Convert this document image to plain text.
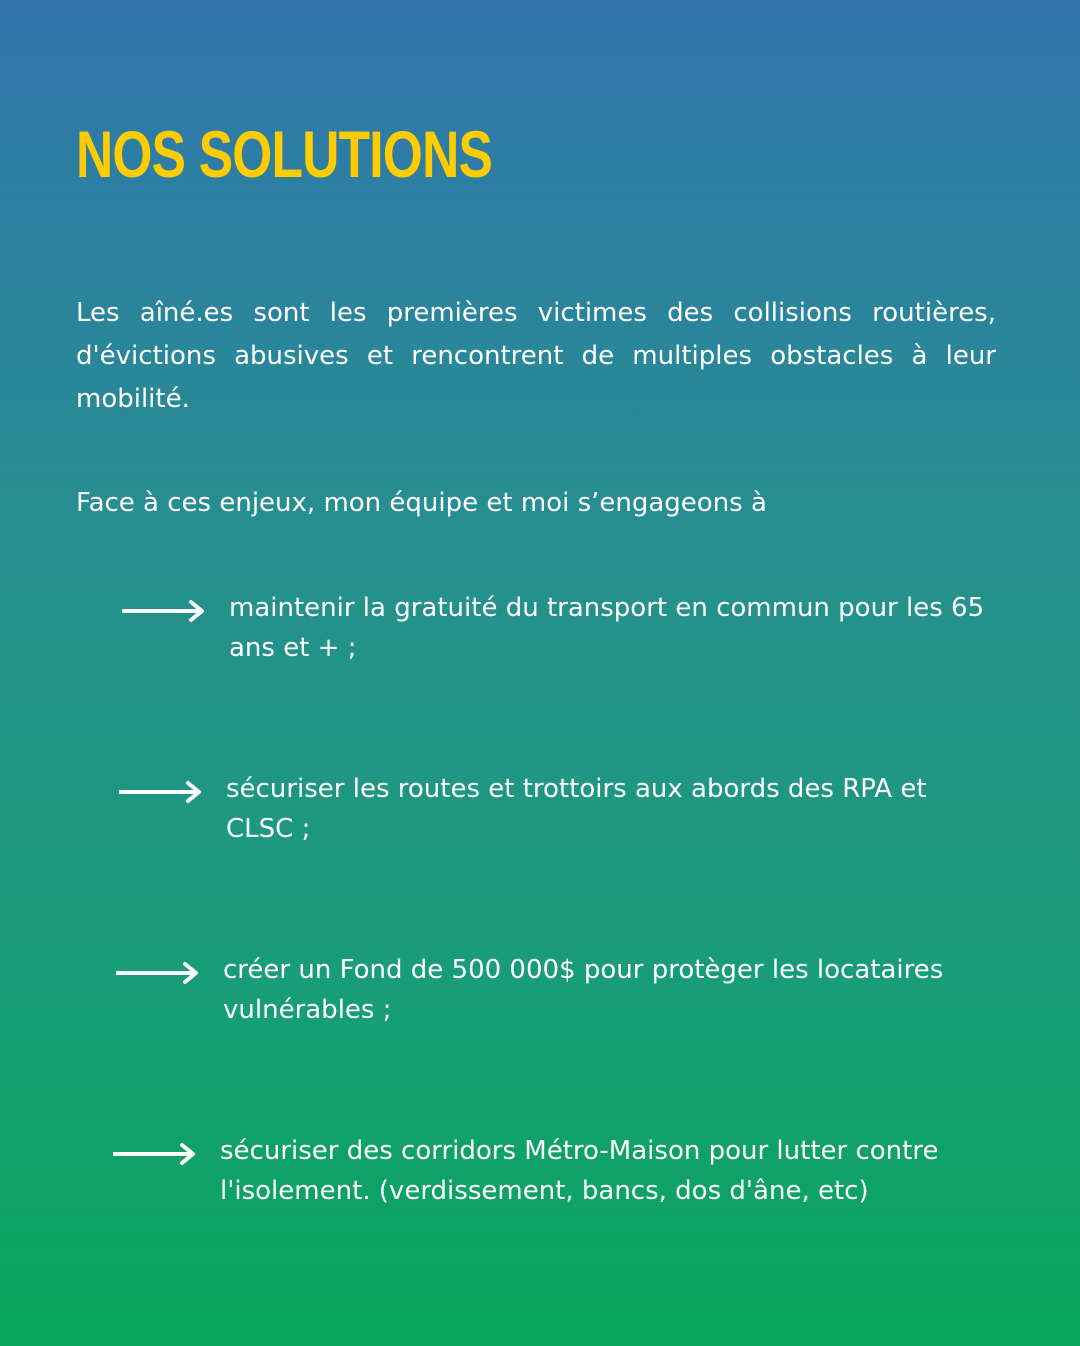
NOS SOLUTIONS

Les aîné.es sont les premières victimes des collisions routières, d'évictions abusives et rencontrent de multiples obstacles à leur mobilité.

Face à ces enjeux, mon équipe et moi s’engageons à

maintenir la gratuité du transport en commun pour les 65 ans et + ;

sécuriser les routes et trottoirs aux abords des RPA et CLSC ;

créer un Fond de 500 000$ pour protèger les locataires vulnérables ;

sécuriser des corridors Métro-Maison pour lutter contre l'isolement. (verdissement, bancs, dos d'âne, etc)
